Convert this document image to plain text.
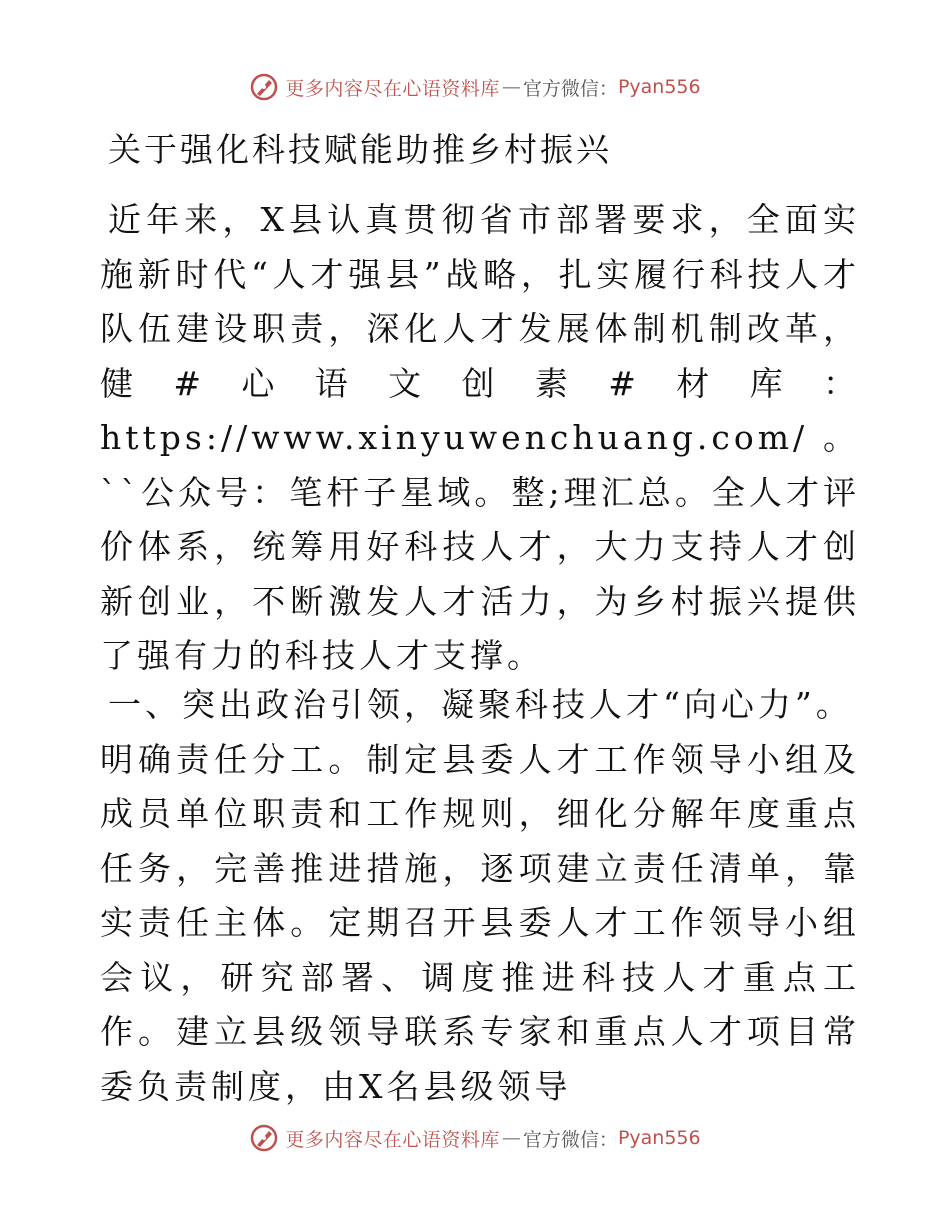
更多内容尽在心语资料库 — 官方微信： Pyan556
关于强化科技赋能助推乡村振兴

近年来，X县认真贯彻省市部署要求，全面实施新时代“人才强县”战略，扎实履行科技人才队伍建设职责，深化人才发展体制机制改革，健#心语文创素#材库：https://www.xinyuwenchuang.com/。``公众号：笔杆子星域。整;理汇总。全人才评价体系，统筹用好科技人才，大力支持人才创新创业，不断激发人才活力，为乡村振兴提供了强有力的科技人才支撑。

一、突出政治引领，凝聚科技人才“向心力”。
明确责任分工。制定县委人才工作领导小组及成员单位职责和工作规则，细化分解年度重点任务，完善推进措施，逐项建立责任清单，靠实责任主体。定期召开县委人才工作领导小组会议，研究部署、调度推进科技人才重点工作。建立县级领导联系专家和重点人才项目常委负责制度，由X名县级领导
更多内容尽在心语资料库 — 官方微信： Pyan556
